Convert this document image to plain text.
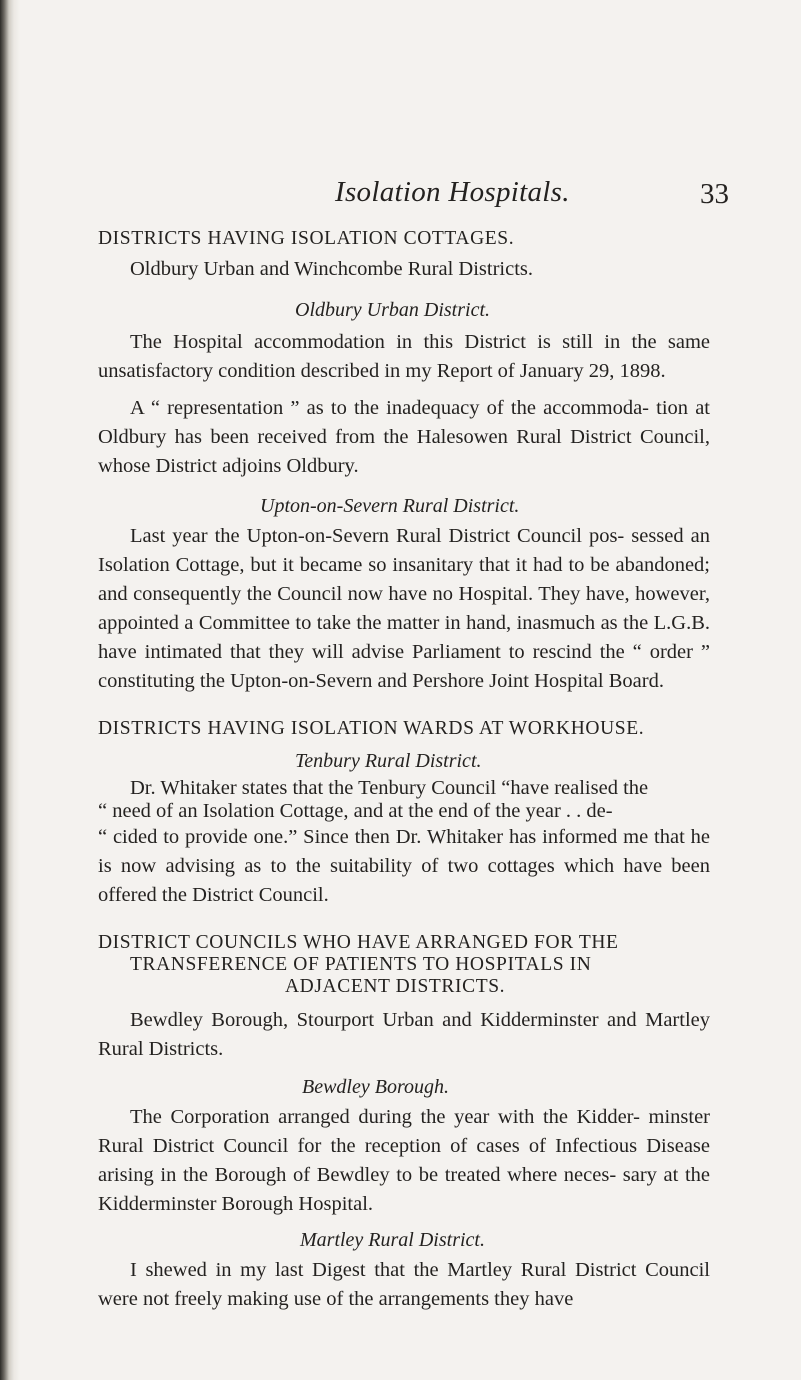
Isolation Hospitals.	33

DISTRICTS HAVING ISOLATION COTTAGES.

Oldbury Urban and Winchcombe Rural Districts.

Oldbury Urban District.

The Hospital accommodation in this District is still in the same unsatisfactory condition described in my Report of January 29, 1898.

A “ representation ” as to the inadequacy of the accommoda- tion at Oldbury has been received from the Halesowen Rural District Council, whose District adjoins Oldbury.

Upton-on-Severn Rural District.

Last year the Upton-on-Severn Rural District Council pos- sessed an Isolation Cottage, but it became so insanitary that it had to be abandoned; and consequently the Council now have no Hospital. They have, however, appointed a Committee to take the matter in hand, inasmuch as the L.G.B. have intimated that they will advise Parliament to rescind the “ order ” constituting the Upton-on-Severn and Pershore Joint Hospital Board.

DISTRICTS HAVING ISOLATION WARDS AT WORKHOUSE.

Tenbury Rural District.

Dr. Whitaker states that the Tenbury Council “have realised the

“ need of an Isolation Cottage, and at the end of the year . . de-

“ cided to provide one.” Since then Dr. Whitaker has informed me that he is now advising as to the suitability of two cottages which have been offered the District Council.

DISTRICT COUNCILS WHO HAVE ARRANGED FOR THE

TRANSFERENCE OF PATIENTS TO HOSPITALS IN

ADJACENT DISTRICTS.

Bewdley Borough, Stourport Urban and Kidderminster and Martley Rural Districts.

Bewdley Borough.

The Corporation arranged during the year with the Kidder- minster Rural District Council for the reception of cases of Infectious Disease arising in the Borough of Bewdley to be treated where neces- sary at the Kidderminster Borough Hospital.

Martley Rural District.

I shewed in my last Digest that the Martley Rural District Council were not freely making use of the arrangements they have
